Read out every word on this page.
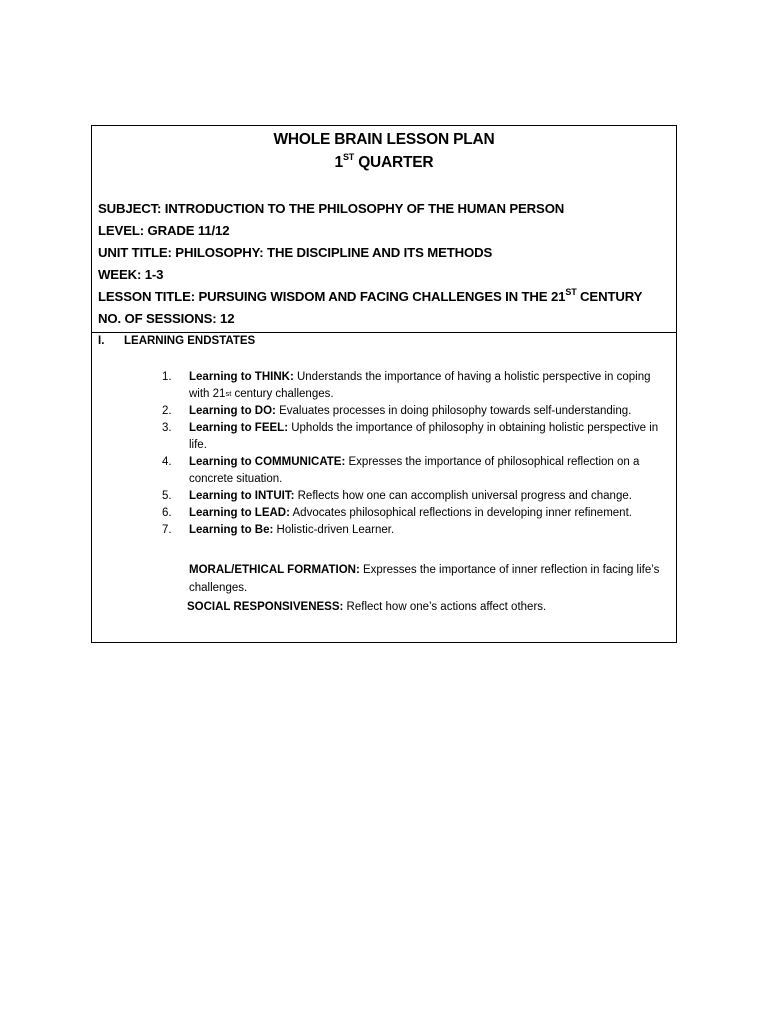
WHOLE BRAIN LESSON PLAN
1ST QUARTER
SUBJECT: INTRODUCTION TO THE PHILOSOPHY OF THE HUMAN PERSON
LEVEL: GRADE 11/12
UNIT TITLE: PHILOSOPHY: THE DISCIPLINE AND ITS METHODS
WEEK: 1-3
LESSON TITLE: PURSUING WISDOM AND FACING CHALLENGES IN THE 21ST CENTURY
NO. OF SESSIONS: 12
I. LEARNING ENDSTATES
1. Learning to THINK: Understands the importance of having a holistic perspective in coping with 21st century challenges.
2. Learning to DO: Evaluates processes in doing philosophy towards self-understanding.
3. Learning to FEEL: Upholds the importance of philosophy in obtaining holistic perspective in life.
4. Learning to COMMUNICATE: Expresses the importance of philosophical reflection on a concrete situation.
5. Learning to INTUIT: Reflects how one can accomplish universal progress and change.
6. Learning to LEAD: Advocates philosophical reflections in developing inner refinement.
7. Learning to Be: Holistic-driven Learner.
MORAL/ETHICAL FORMATION: Expresses the importance of inner reflection in facing life’s challenges.
SOCIAL RESPONSIVENESS: Reflect how one’s actions affect others.
